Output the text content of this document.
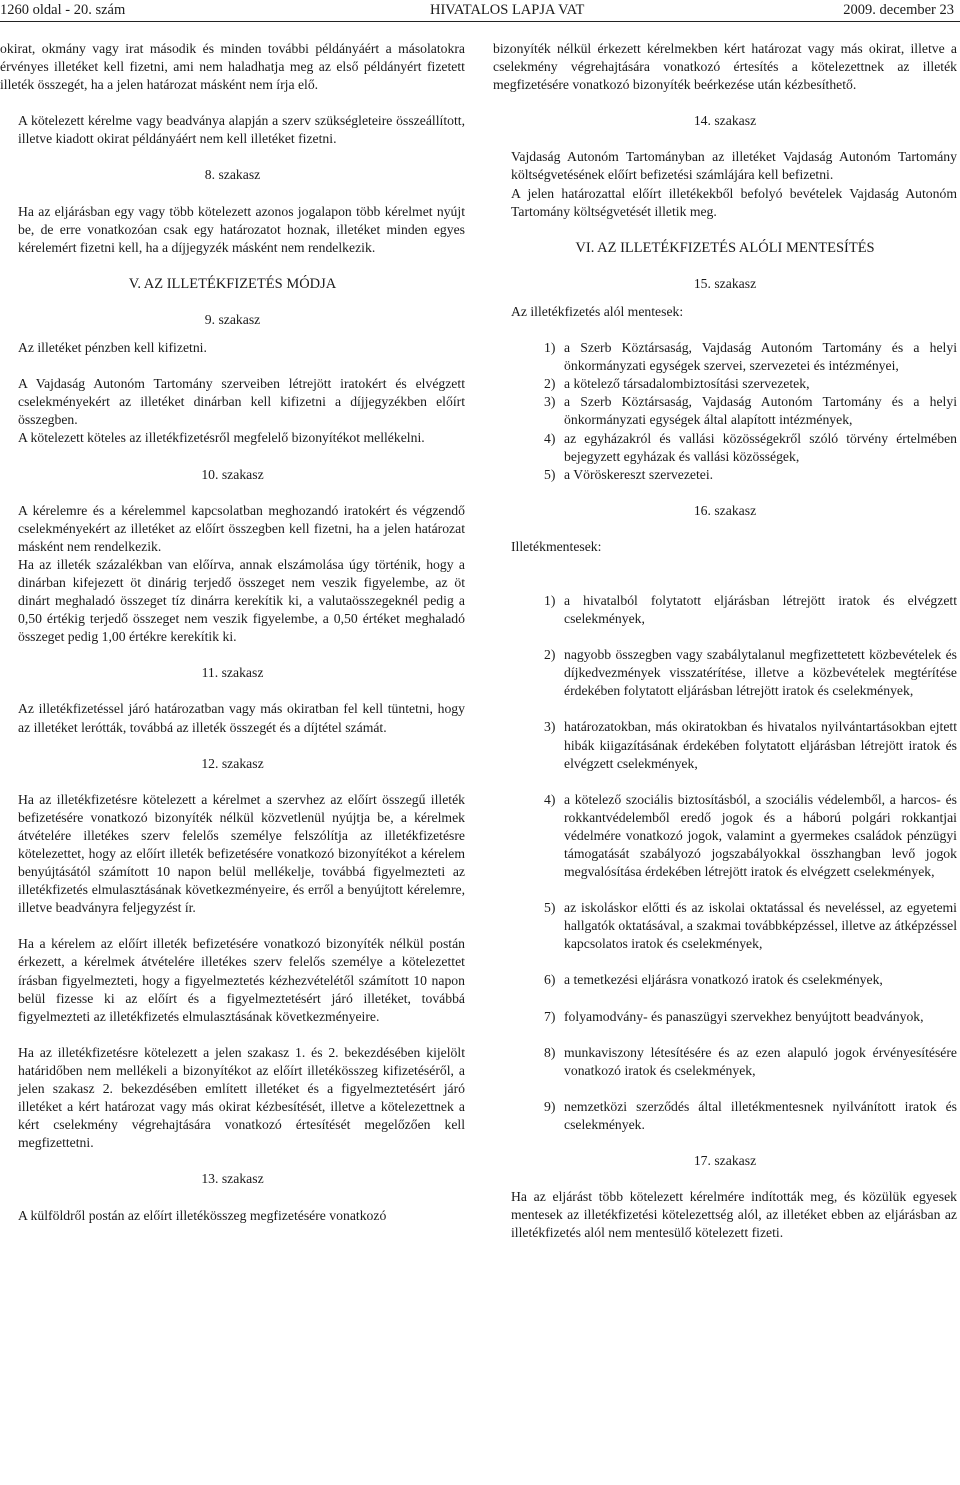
1260 oldal - 20. szám	HIVATALOS LAPJA VAT	2009. december 23

okirat, okmány vagy irat második és minden további példányáért a másolatokra érvényes illetéket kell fizetni, ami nem haladhatja meg az első példányért fizetett illeték összegét, ha a jelen határozat másként nem írja elő.

A kötelezett kérelme vagy beadványa alapján a szerv szükségleteire összeállított, illetve kiadott okirat példányáért nem kell illetéket fizetni.

8. szakasz

Ha az eljárásban egy vagy több kötelezett azonos jogalapon több kérelmet nyújt be, de erre vonatkozóan csak egy határozatot hoznak, illetéket minden egyes kérelemért fizetni kell, ha a díjjegyzék másként nem rendelkezik.

V. AZ ILLETÉKFIZETÉS MÓDJA

9. szakasz

Az illetéket pénzben kell kifizetni.

A Vajdaság Autonóm Tartomány szerveiben létrejött iratokért és elvégzett cselekményekért az illetéket dinárban kell kifizetni a díjjegyzékben előírt összegben.

A kötelezett köteles az illetékfizetésről megfelelő bizonyítékot mellékelni.

10. szakasz

A kérelemre és a kérelemmel kapcsolatban meghozandó iratokért és végzendő cselekményekért az illetéket az előírt összegben kell fizetni, ha a jelen határozat másként nem rendelkezik.

Ha az illeték százalékban van előírva, annak elszámolása úgy történik, hogy a dinárban kifejezett öt dinárig terjedő összeget nem veszik figyelembe, az öt dinárt meghaladó összeget tíz dinárra kerekítik ki, a valutaösszegeknél pedig a 0,50 értékig terjedő összeget nem veszik figyelembe, a 0,50 értéket meghaladó összeget pedig 1,00 értékre kerekítik ki.

11. szakasz

Az illetékfizetéssel járó határozatban vagy más okiratban fel kell tüntetni, hogy az illetéket lerótták, továbbá az illeték összegét és a díjtétel számát.

12. szakasz

Ha az illetékfizetésre kötelezett a kérelmet a szervhez az előírt összegű illeték befizetésére vonatkozó bizonyíték nélkül közvetlenül nyújtja be, a kérelmek átvételére illetékes szerv felelős személye felszólítja az illetékfizetésre kötelezettet, hogy az előírt illeték befizetésére vonatkozó bizonyítékot a kérelem benyújtásától számított 10 napon belül mellékelje, továbbá figyelmezteti az illetékfizetés elmulasztásának következményeire, és erről a benyújtott kérelemre, illetve beadványra feljegyzést ír.

Ha a kérelem az előírt illeték befizetésére vonatkozó bizonyíték nélkül postán érkezett, a kérelmek átvételére illetékes szerv felelős személye a kötelezettet írásban figyelmezteti, hogy a figyelmeztetés kézhezvételétől számított 10 napon belül fizesse ki az előírt és a figyelmeztetésért járó illetéket, továbbá figyelmezteti az illetékfizetés elmulasztásának következményeire.

Ha az illetékfizetésre kötelezett a jelen szakasz 1. és 2. bekezdésében kijelölt határidőben nem mellékeli a bizonyítékot az előírt illetékösszeg kifizetéséről, a jelen szakasz 2. bekezdésében említett illetéket és a figyelmeztetésért járó illetéket a kért határozat vagy más okirat kézbesítését, illetve a kötelezettnek a kért cselekmény végrehajtására vonatkozó értesítését megelőzően kell megfizettetni.

13. szakasz

A külföldről postán az előírt illetékösszeg megfizetésére vonatkozó

bizonyíték nélkül érkezett kérelmekben kért határozat vagy más okirat, illetve a cselekmény végrehajtására vonatkozó értesítés a kötelezettnek az illeték megfizetésére vonatkozó bizonyíték beérkezése után kézbesíthető.

14. szakasz

Vajdaság Autonóm Tartományban az illetéket Vajdaság Autonóm Tartomány költségvetésének előírt befizetési számlájára kell befizetni.

A jelen határozattal előírt illetékekből befolyó bevételek Vajdaság Autonóm Tartomány költségvetését illetik meg.

VI. AZ ILLETÉKFIZETÉS ALÓLI MENTESÍTÉS

15. szakasz

Az illetékfizetés alól mentesek:

1) a Szerb Köztársaság, Vajdaság Autonóm Tartomány és a helyi önkormányzati egységek szervei, szervezetei és intézményei,
2) a kötelező társadalombiztosítási szervezetek,
3) a Szerb Köztársaság, Vajdaság Autonóm Tartomány és a helyi önkormányzati egységek által alapított intézmények,
4) az egyházakról és vallási közösségekről szóló törvény értelmében bejegyzett egyházak és vallási közösségek,
5) a Vöröskereszt szervezetei.

16. szakasz

Illetékmentesek:

1) a hivatalból folytatott eljárásban létrejött iratok és elvégzett cselekmények,
2) nagyobb összegben vagy szabálytalanul megfizettetett közbevételek és díjkedvezmények visszatérítése, illetve a közbevételek megtérítése érdekében folytatott eljárásban létrejött iratok és cselekmények,
3) határozatokban, más okiratokban és hivatalos nyilvántartásokban ejtett hibák kiigazításának érdekében folytatott eljárásban létrejött iratok és elvégzett cselekmények,
4) a kötelező szociális biztosításból, a szociális védelemből, a harcos- és rokkantvédelemből eredő jogok és a háború polgári rokkantjai védelmére vonatkozó jogok, valamint a gyermekes családok pénzügyi támogatását szabályozó jogszabályokkal összhangban levő jogok megvalósítása érdekében létrejött iratok és elvégzett cselekmények,
5) az iskoláskor előtti és az iskolai oktatással és neveléssel, az egyetemi hallgatók oktatásával, a szakmai továbbképzéssel, illetve az átképzéssel kapcsolatos iratok és cselekmények,
6) a temetkezési eljárásra vonatkozó iratok és cselekmények,
7) folyamodvány- és panaszügyi szervekhez benyújtott beadványok,
8) munkaviszony létesítésére és az ezen alapuló jogok érvényesítésére vonatkozó iratok és cselekmények,
9) nemzetközi szerződés által illetékmentesnek nyilvánított iratok és cselekmények.

17. szakasz

Ha az eljárást több kötelezett kérelmére indították meg, és közülük egyesek mentesek az illetékfizetési kötelezettség alól, az illetéket ebben az eljárásban az illetékfizetés alól nem mentesülő kötelezett fizeti.
